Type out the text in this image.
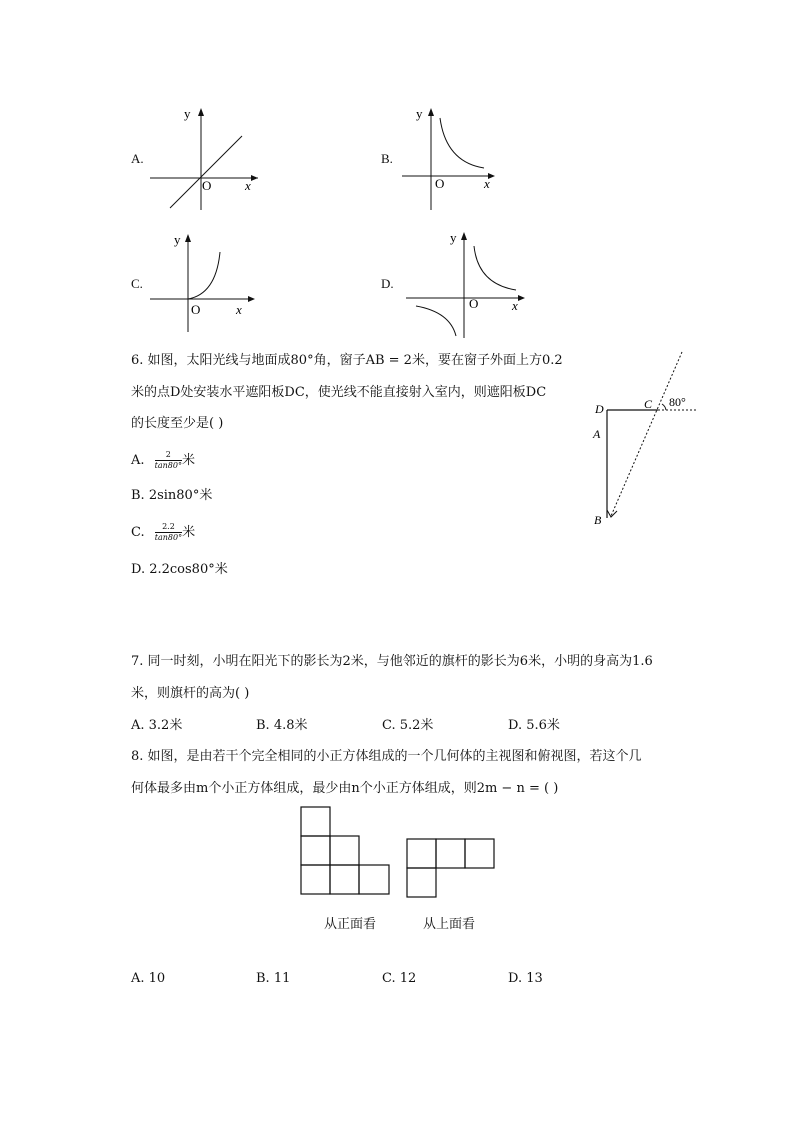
A.
y
x
O
B.
y
x
O
C.
y
x
O
D.
y
x
O
6. 如图，太阳光线与地面成80°角，窗子AB = 2米，要在窗子外面上方0.2
米的点D处安装水平遮阳板DC，使光线不能直接射入室内，则遮阳板DC
的长度至少是( )
A. $\frac{2}{\tan 80^\circ}$ 米
B. 2sin80°米
C. $\frac{2.2}{\tan 80^\circ}$ 米
D. 2.2cos80°米
D	C
A
B
80°
7. 同一时刻，小明在阳光下的影长为2米，与他邻近的旗杆的影长为6米，小明的身高为1.6
米，则旗杆的高为( )
A. 3.2米	B. 4.8米	C. 5.2米	D. 5.6米
8. 如图，是由若干个完全相同的小正方体组成的一个几何体的主视图和俯视图，若这个几
何体最多由m个小正方体组成，最少由n个小正方体组成，则2m − n = ( )
从正面看	从上面看
A. 10	B. 11	C. 12	D. 13
